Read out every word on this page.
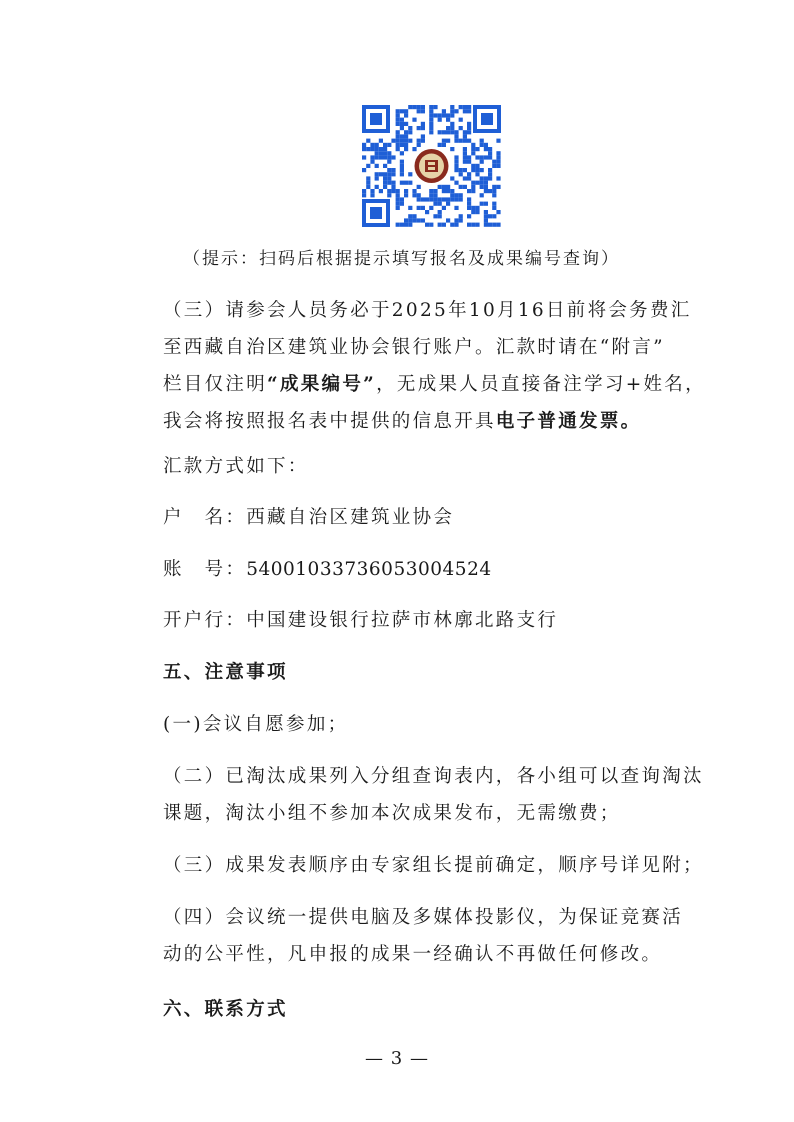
（提示：扫码后根据提示填写报名及成果编号查询）
（三）请参会人员务必于2025年10月16日前将会务费汇
至西藏自治区建筑业协会银行账户。汇款时请在“附言”
栏目仅注明“成果编号”，无成果人员直接备注学习+姓名，
我会将按照报名表中提供的信息开具电子普通发票。
汇款方式如下：
户　名：西藏自治区建筑业协会
账　号：54001033736053004524
开户行：中国建设银行拉萨市林廓北路支行
五、注意事项
(一)会议自愿参加；
（二）已淘汰成果列入分组查询表内，各小组可以查询淘汰
课题，淘汰小组不参加本次成果发布，无需缴费；
（三）成果发表顺序由专家组长提前确定，顺序号详见附；
（四）会议统一提供电脑及多媒体投影仪，为保证竞赛活
动的公平性，凡申报的成果一经确认不再做任何修改。
六、联系方式
— 3 —
